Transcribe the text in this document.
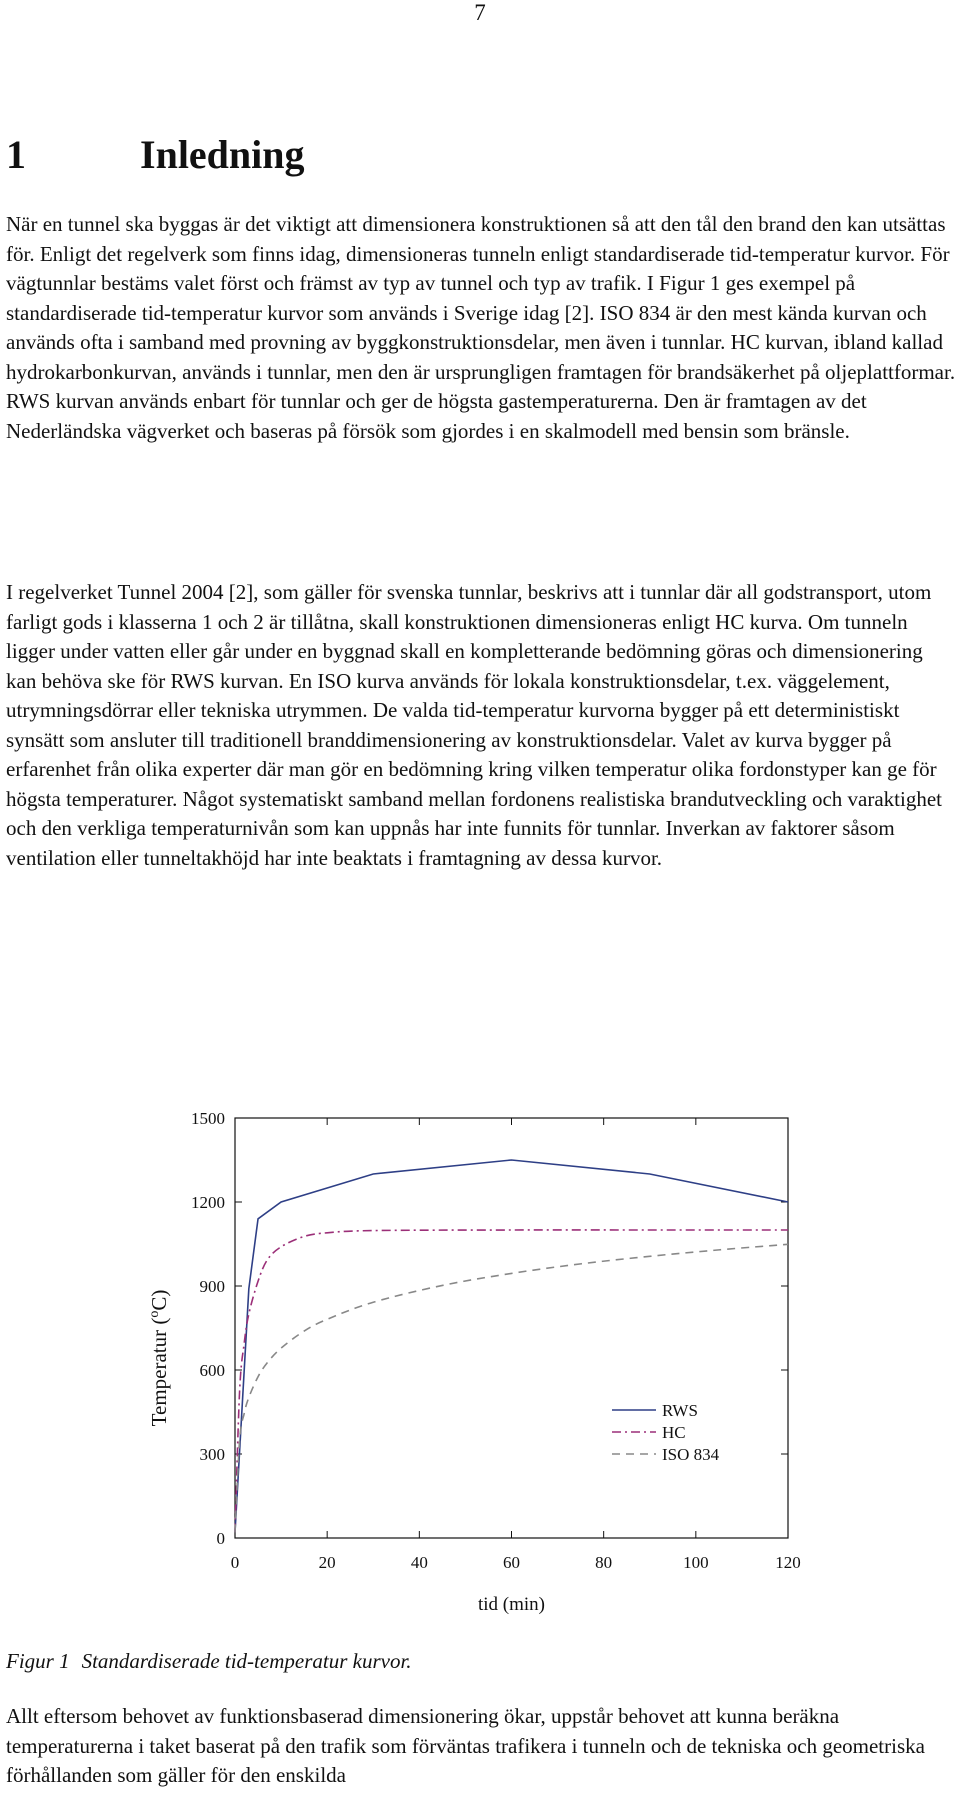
7
1	Inledning

När en tunnel ska byggas är det viktigt att dimensionera konstruktionen så att den tål den brand den kan utsättas för. Enligt det regelverk som finns idag, dimensioneras tunneln enligt standardiserade tid-temperatur kurvor. För vägtunnlar bestäms valet först och främst av typ av tunnel och typ av trafik. I Figur 1 ges exempel på standardiserade tid-temperatur kurvor som används i Sverige idag [2]. ISO 834 är den mest kända kurvan och används ofta i samband med provning av byggkonstruktionsdelar, men även i tunnlar. HC kurvan, ibland kallad hydrokarbonkurvan, används i tunnlar, men den är ursprungligen framtagen för brandsäkerhet på oljeplattformar. RWS kurvan används enbart för tunnlar och ger de högsta gastemperaturerna. Den är framtagen av det Nederländska vägverket och baseras på försök som gjordes i en skalmodell med bensin som bränsle.

I regelverket Tunnel 2004 [2], som gäller för svenska tunnlar, beskrivs att i tunnlar där all godstransport, utom farligt gods i klasserna 1 och 2 är tillåtna, skall konstruktionen dimensioneras enligt HC kurva. Om tunneln ligger under vatten eller går under en byggnad skall en kompletterande bedömning göras och dimensionering kan behöva ske för RWS kurvan. En ISO kurva används för lokala konstruktionsdelar, t.ex. väggelement, utrymningsdörrar eller tekniska utrymmen. De valda tid-temperatur kurvorna bygger på ett deterministiskt synsätt som ansluter till traditionell branddimensionering av konstruktionsdelar. Valet av kurva bygger på erfarenhet från olika experter där man gör en bedömning kring vilken temperatur olika fordonstyper kan ge för högsta temperaturer. Något systematiskt samband mellan fordonens realistiska brandutveckling och varaktighet och den verkliga temperaturnivån som kan uppnås har inte funnits för tunnlar. Inverkan av faktorer såsom ventilation eller tunneltakhöjd har inte beaktats i framtagning av dessa kurvor.

0	20	40	60	80	100	120
0
300
600
900
1200
1500
RWS
HC
ISO 834
tid (min)
Temperatur ($^o$C)

Figur 1 Standardiserade tid-temperatur kurvor.

Allt eftersom behovet av funktionsbaserad dimensionering ökar, uppstår behovet att kunna beräkna temperaturerna i taket baserat på den trafik som förväntas trafikera i tunneln och de tekniska och geometriska förhållanden som gäller för den enskilda
